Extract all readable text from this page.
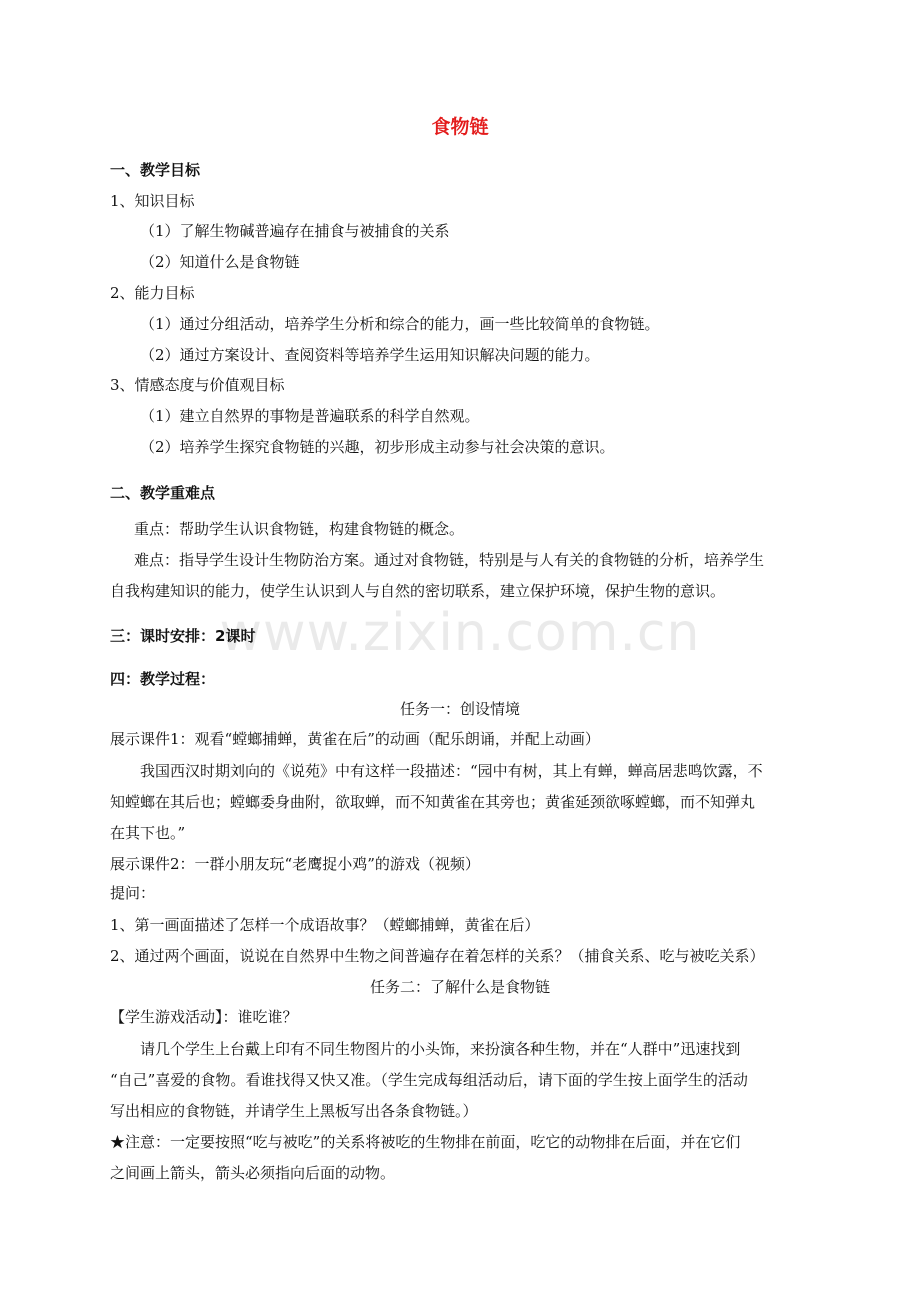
www.zixin.com.cn
食物链
一、教学目标
1、知识目标
（1）了解生物碱普遍存在捕食与被捕食的关系
（2）知道什么是食物链
2、能力目标
（1）通过分组活动，培养学生分析和综合的能力，画一些比较简单的食物链。
（2）通过方案设计、查阅资料等培养学生运用知识解决问题的能力。
3、情感态度与价值观目标
（1）建立自然界的事物是普遍联系的科学自然观。
（2）培养学生探究食物链的兴趣，初步形成主动参与社会决策的意识。
二、教学重难点
重点：帮助学生认识食物链，构建食物链的概念。
难点：指导学生设计生物防治方案。通过对食物链，特别是与人有关的食物链的分析，培养学生
自我构建知识的能力，使学生认识到人与自然的密切联系，建立保护环境，保护生物的意识。
三：课时安排：2课时
四：教学过程：
任务一：创设情境
展示课件1：观看“螳螂捕蝉，黄雀在后”的动画（配乐朗诵，并配上动画）
我国西汉时期刘向的《说苑》中有这样一段描述：“园中有树，其上有蝉，蝉高居悲鸣饮露，不
知螳螂在其后也；螳螂委身曲附，欲取蝉，而不知黄雀在其旁也；黄雀延颈欲啄螳螂，而不知弹丸
在其下也。”
展示课件2：一群小朋友玩“老鹰捉小鸡”的游戏（视频）
提问：
1、第一画面描述了怎样一个成语故事？（螳螂捕蝉，黄雀在后）
2、通过两个画面，说说在自然界中生物之间普遍存在着怎样的关系？（捕食关系、吃与被吃关系）
任务二：了解什么是食物链
【学生游戏活动】：谁吃谁？
请几个学生上台戴上印有不同生物图片的小头饰，来扮演各种生物，并在“人群中”迅速找到
“自己”喜爱的食物。看谁找得又快又准。（学生完成每组活动后，请下面的学生按上面学生的活动
写出相应的食物链，并请学生上黑板写出各条食物链。）
★注意：一定要按照“吃与被吃”的关系将被吃的生物排在前面，吃它的动物排在后面，并在它们
之间画上箭头，箭头必须指向后面的动物。
